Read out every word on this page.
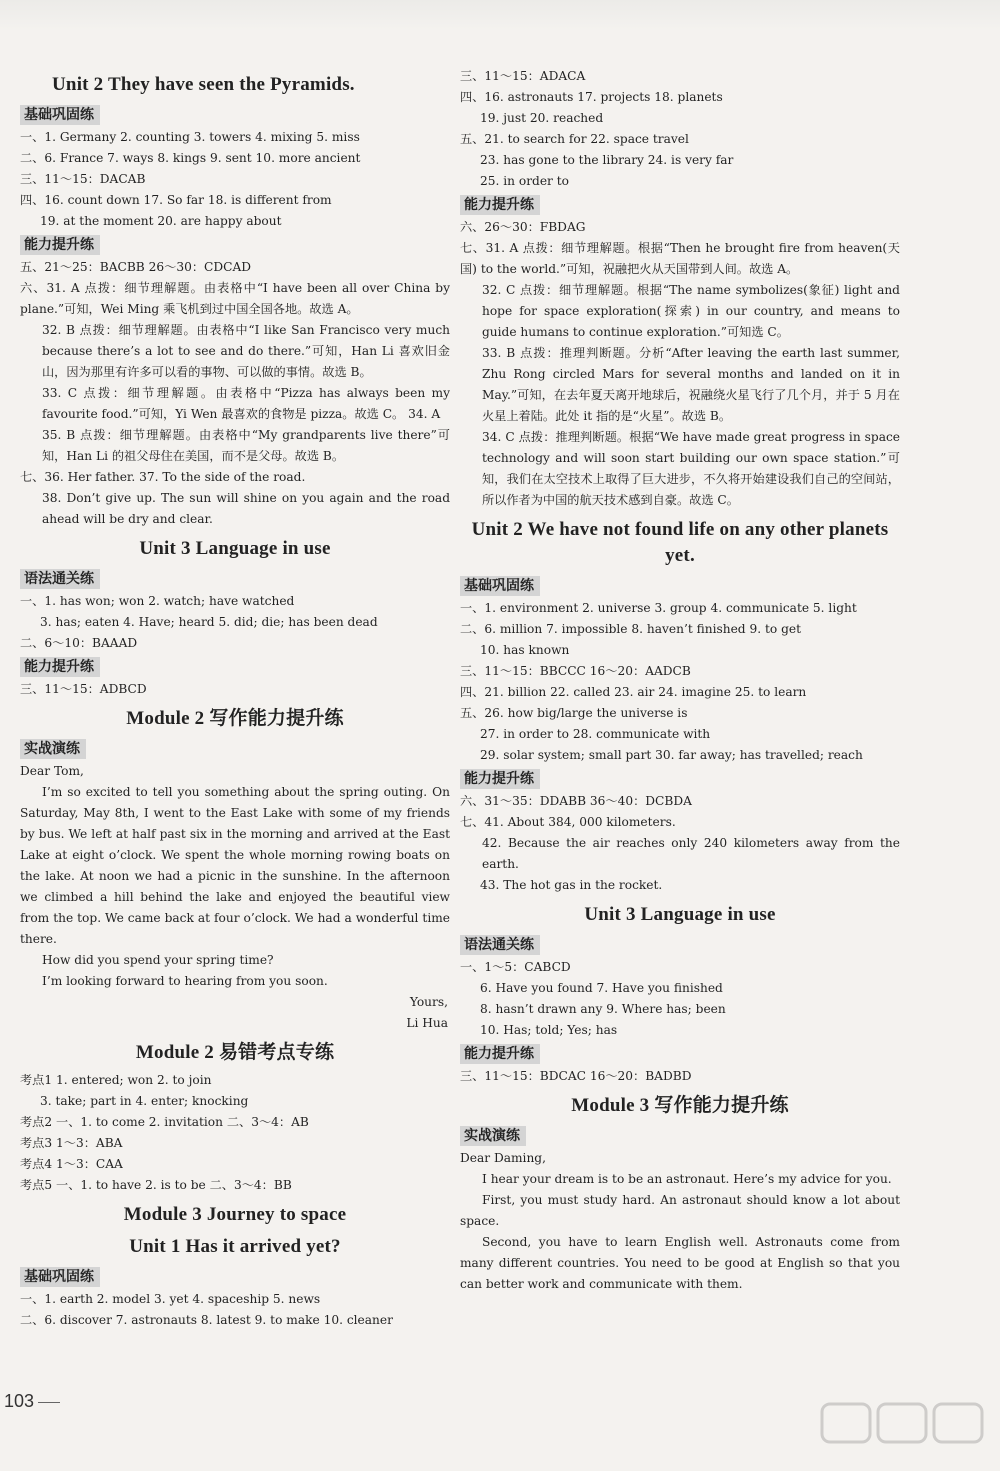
Unit 2 They have seen the Pyramids.
基础巩固练
一、1. Germany 2. counting 3. towers 4. mixing 5. miss
二、6. France 7. ways 8. kings 9. sent 10. more ancient
三、11～15：DACAB
四、16. count down 17. So far 18. is different from
19. at the moment 20. are happy about
能力提升练
五、21～25：BACBB 26～30：CDCAD
六、31. A 点拨：细节理解题。由表格中“I have been all over China by plane.”可知，Wei Ming 乘飞机到过中国全国各地。故选 A。
32. B 点拨：细节理解题。由表格中“I like San Francisco very much because there’s a lot to see and do there.”可知，Han Li 喜欢旧金山，因为那里有许多可以看的事物、可以做的事情。故选 B。
33. C 点拨：细节理解题。由表格中“Pizza has always been my favourite food.”可知，Yi Wen 最喜欢的食物是 pizza。故选 C。 34. A
35. B 点拨：细节理解题。由表格中“My grandparents live there”可知，Han Li 的祖父母住在美国，而不是父母。故选 B。
七、36. Her father. 37. To the side of the road.
38. Don’t give up. The sun will shine on you again and the road ahead will be dry and clear.
Unit 3 Language in use
语法通关练
一、1. has won; won 2. watch; have watched
3. has; eaten 4. Have; heard 5. did; die; has been dead
二、6～10：BAAAD
能力提升练
三、11～15：ADBCD
Module 2 写作能力提升练
实战演练
Dear Tom,
I’m so excited to tell you something about the spring outing. On Saturday, May 8th, I went to the East Lake with some of my friends by bus. We left at half past six in the morning and arrived at the East Lake at eight o’clock. We spent the whole morning rowing boats on the lake. At noon we had a picnic in the sunshine. In the afternoon we climbed a hill behind the lake and enjoyed the beautiful view from the top. We came back at four o’clock. We had a wonderful time there.
How did you spend your spring time?
I’m looking forward to hearing from you soon.
Yours,
Li Hua
Module 2 易错考点专练
考点1 1. entered; won 2. to join
3. take; part in 4. enter; knocking
考点2 一、1. to come 2. invitation 二、3～4：AB
考点3 1～3：ABA
考点4 1～3：CAA
考点5 一、1. to have 2. is to be 二、3～4：BB
Module 3 Journey to space
Unit 1 Has it arrived yet?
基础巩固练
一、1. earth 2. model 3. yet 4. spaceship 5. news
二、6. discover 7. astronauts 8. latest 9. to make 10. cleaner
三、11～15：ADACA
四、16. astronauts 17. projects 18. planets
19. just 20. reached
五、21. to search for 22. space travel
23. has gone to the library 24. is very far
25. in order to
能力提升练
六、26～30：FBDAG
七、31. A 点拨：细节理解题。根据“Then he brought fire from heaven(天国) to the world.”可知，祝融把火从天国带到人间。故选 A。
32. C 点拨：细节理解题。根据“The name symbolizes(象征) light and hope for space exploration(探索) in our country, and means to guide humans to continue exploration.”可知选 C。
33. B 点拨：推理判断题。分析“After leaving the earth last summer, Zhu Rong circled Mars for several months and landed on it in May.”可知，在去年夏天离开地球后，祝融绕火星飞行了几个月，并于 5 月在火星上着陆。此处 it 指的是“火星”。故选 B。
34. C 点拨：推理判断题。根据“We have made great progress in space technology and will soon start building our own space station.”可知，我们在太空技术上取得了巨大进步，不久将开始建设我们自己的空间站，所以作者为中国的航天技术感到自豪。故选 C。
Unit 2 We have not found life on any other planets yet.
基础巩固练
一、1. environment 2. universe 3. group 4. communicate 5. light
二、6. million 7. impossible 8. haven’t finished 9. to get
10. has known
三、11～15：BBCCC 16～20：AADCB
四、21. billion 22. called 23. air 24. imagine 25. to learn
五、26. how big/large the universe is
27. in order to 28. communicate with
29. solar system; small part 30. far away; has travelled; reach
能力提升练
六、31～35：DDABB 36～40：DCBDA
七、41. About 384, 000 kilometers.
42. Because the air reaches only 240 kilometers away from the earth.
43. The hot gas in the rocket.
Unit 3 Language in use
语法通关练
一、1～5：CABCD
6. Have you found 7. Have you finished
8. hasn’t drawn any 9. Where has; been
10. Has; told; Yes; has
能力提升练
三、11～15：BDCAC 16～20：BADBD
Module 3 写作能力提升练
实战演练
Dear Daming,
I hear your dream is to be an astronaut. Here’s my advice for you.
First, you must study hard. An astronaut should know a lot about space.
Second, you have to learn English well. Astronauts come from many different countries. You need to be good at English so that you can better work and communicate with them.
103
